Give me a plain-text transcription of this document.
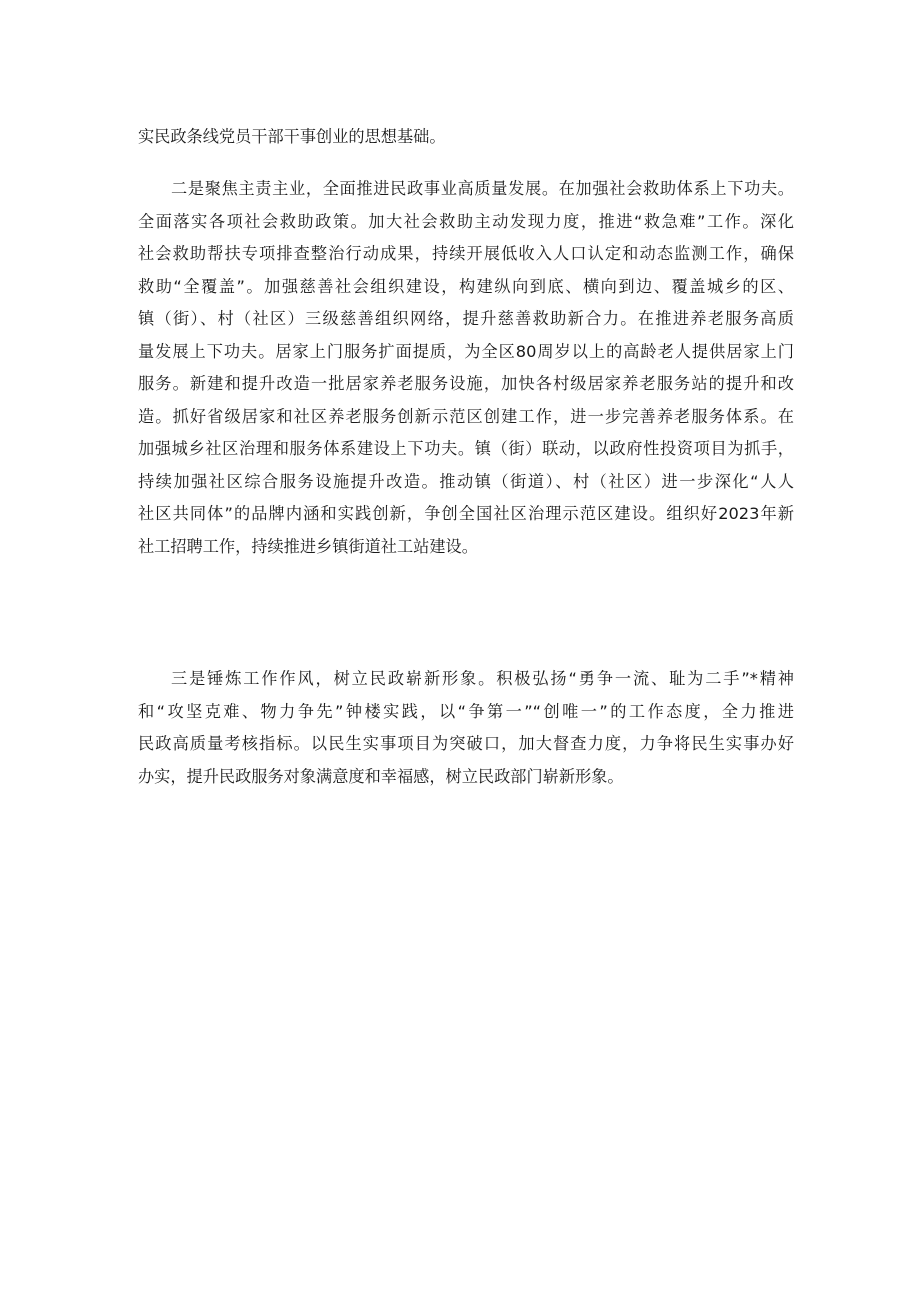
实民政条线党员干部干事创业的思想基础。
二是聚焦主责主业，全面推进民政事业高质量发展。在加强社会救助体系上下功夫。
全面落实各项社会救助政策。加大社会救助主动发现力度，推进“救急难”工作。深化
社会救助帮扶专项排查整治行动成果，持续开展低收入人口认定和动态监测工作，确保
救助“全覆盖”。加强慈善社会组织建设，构建纵向到底、横向到边、覆盖城乡的区、
镇（街）、村（社区）三级慈善组织网络，提升慈善救助新合力。在推进养老服务高质
量发展上下功夫。居家上门服务扩面提质，为全区80周岁以上的高龄老人提供居家上门
服务。新建和提升改造一批居家养老服务设施，加快各村级居家养老服务站的提升和改
造。抓好省级居家和社区养老服务创新示范区创建工作，进一步完善养老服务体系。在
加强城乡社区治理和服务体系建设上下功夫。镇（街）联动，以政府性投资项目为抓手，
持续加强社区综合服务设施提升改造。推动镇（街道）、村（社区）进一步深化“人人
社区共同体”的品牌内涵和实践创新，争创全国社区治理示范区建设。组织好2023年新
社工招聘工作，持续推进乡镇街道社工站建设。
三是锤炼工作作风，树立民政崭新形象。积极弘扬“勇争一流、耻为二手”*精神
和“攻坚克难、物力争先”钟楼实践，以“争第一”“创唯一”的工作态度，全力推进
民政高质量考核指标。以民生实事项目为突破口，加大督查力度，力争将民生实事办好
办实，提升民政服务对象满意度和幸福感，树立民政部门崭新形象。
